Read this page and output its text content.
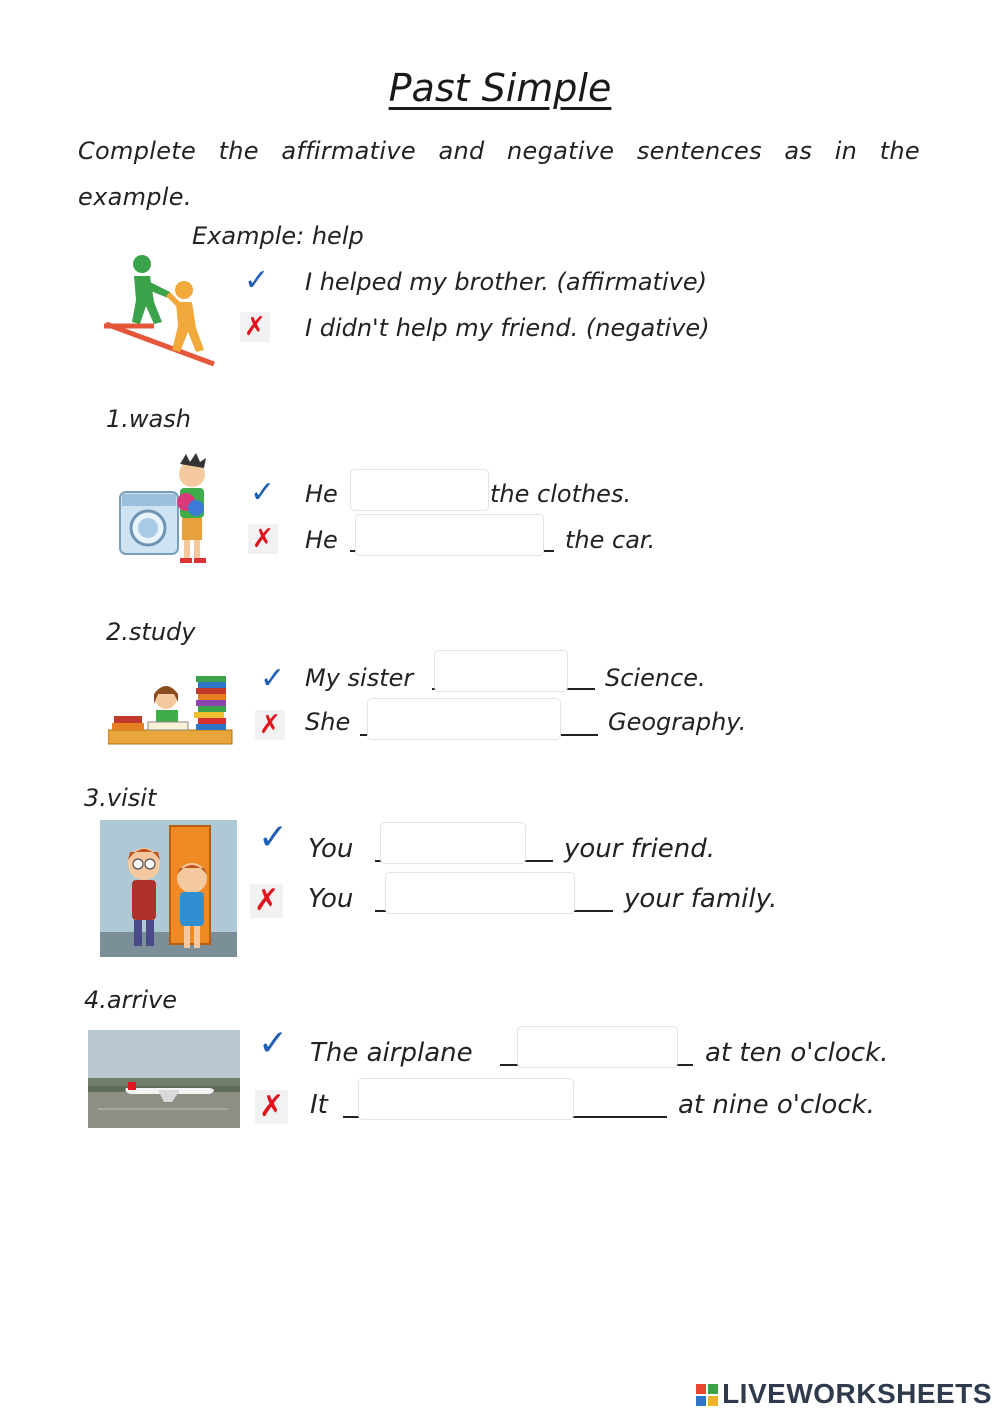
Past Simple
Complete the affirmative and negative sentences as in the example.
Example: help
✓ I helped my brother. (affirmative)
✗ I didn't help my friend. (negative)
1.wash
✓ He	the clothes.
✗ He	the car.
2.study
✓ My sister	Science.
✗ She	Geography.
3.visit
✓ You	your friend.
✗ You	your family.
4.arrive
✓ The airplane	at ten o'clock.
✗ It	at nine o'clock.
LIVEWORKSHEETS
